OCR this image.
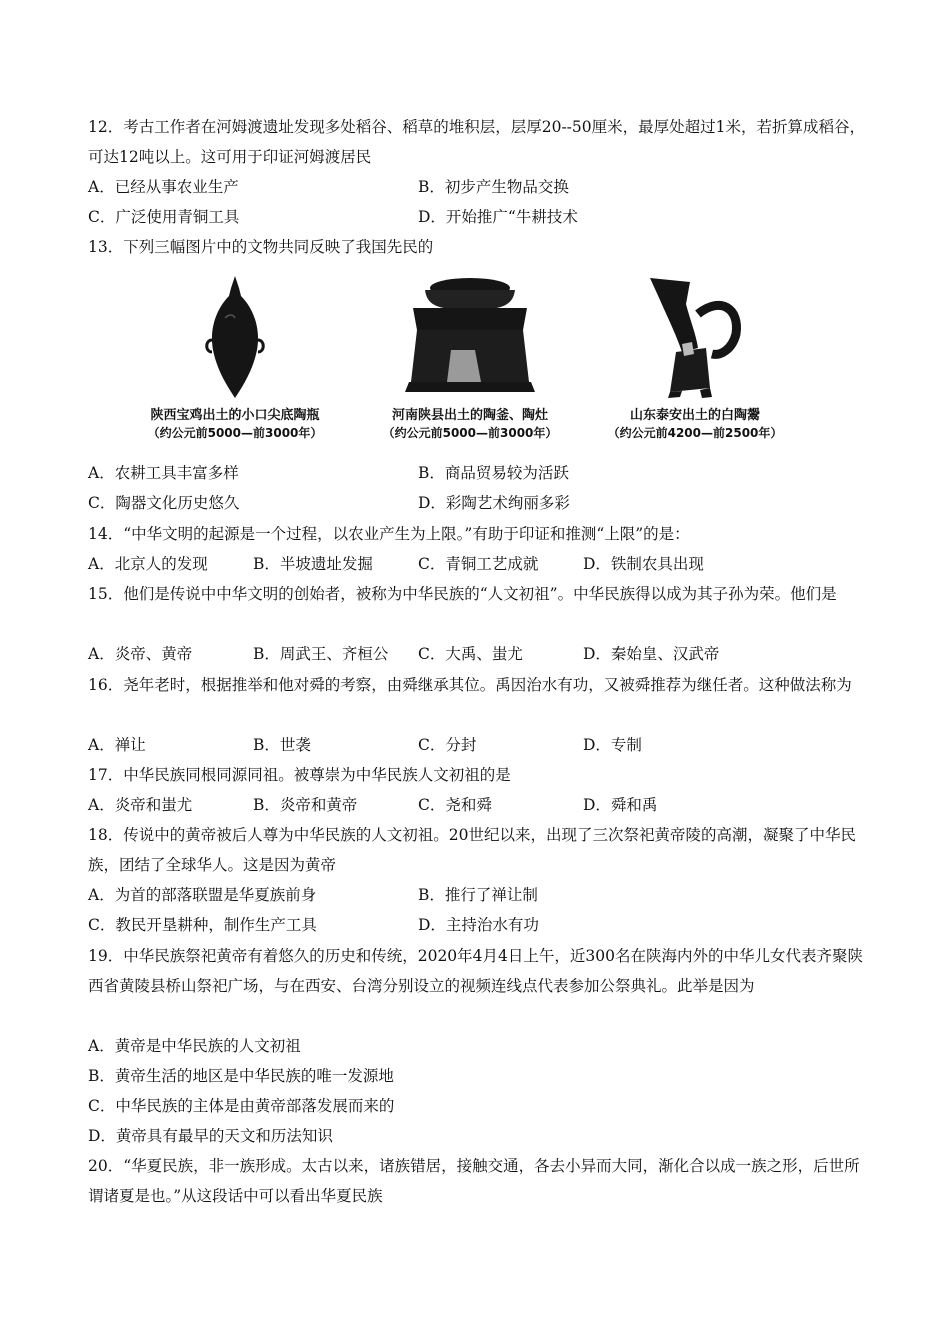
12．考古工作者在河姆渡遗址发现多处稻谷、稻草的堆积层，层厚20--50厘米，最厚处超过1米，若折算成稻谷，可达12吨以上。这可用于印证河姆渡居民

A．已经从事农业生产	B．初步产生物品交换
C．广泛使用青铜工具	D．开始推广“牛耕技术

13．下列三幅图片中的文物共同反映了我国先民的

陕西宝鸡出土的小口尖底陶瓶
（约公元前5000—前3000年）
河南陕县出土的陶釜、陶灶
（约公元前5000—前3000年）
山东泰安出土的白陶鬶
（约公元前4200—前2500年）
A．农耕工具丰富多样	B．商品贸易较为活跃
C．陶器文化历史悠久	D．彩陶艺术绚丽多彩

14．“中华文明的起源是一个过程，以农业产生为上限。”有助于印证和推测“上限”的是：

A．北京人的发现	B．半坡遗址发掘	C．青铜工艺成就	D．铁制农具出现

15．他们是传说中中华文明的创始者，被称为中华民族的“人文初祖”。中华民族得以成为其子孙为荣。他们是

A．炎帝、黄帝	B．周武王、齐桓公 C．大禹、蚩尤	D．秦始皇、汉武帝

16．尧年老时，根据推举和他对舜的考察，由舜继承其位。禹因治水有功，又被舜推荐为继任者。这种做法称为

A．禅让	B．世袭	C．分封	D．专制

17．中华民族同根同源同祖。被尊崇为中华民族人文初祖的是

A．炎帝和蚩尤	B．炎帝和黄帝	C．尧和舜	D．舜和禹

18．传说中的黄帝被后人尊为中华民族的人文初祖。20世纪以来，出现了三次祭祀黄帝陵的高潮，凝聚了中华民族，团结了全球华人。这是因为黄帝

A．为首的部落联盟是华夏族前身	B．推行了禅让制
C．教民开垦耕种，制作生产工具	D．主持治水有功

19．中华民族祭祀黄帝有着悠久的历史和传统，2020年4月4日上午，近300名在陕海内外的中华儿女代表齐聚陕西省黄陵县桥山祭祀广场，与在西安、台湾分别设立的视频连线点代表参加公祭典礼。此举是因为

A．黄帝是中华民族的人文初祖
B．黄帝生活的地区是中华民族的唯一发源地
C．中华民族的主体是由黄帝部落发展而来的
D．黄帝具有最早的天文和历法知识

20．“华夏民族，非一族形成。太古以来，诸族错居，接触交通，各去小异而大同，渐化合以成一族之形，后世所谓诸夏是也。”从这段话中可以看出华夏民族
